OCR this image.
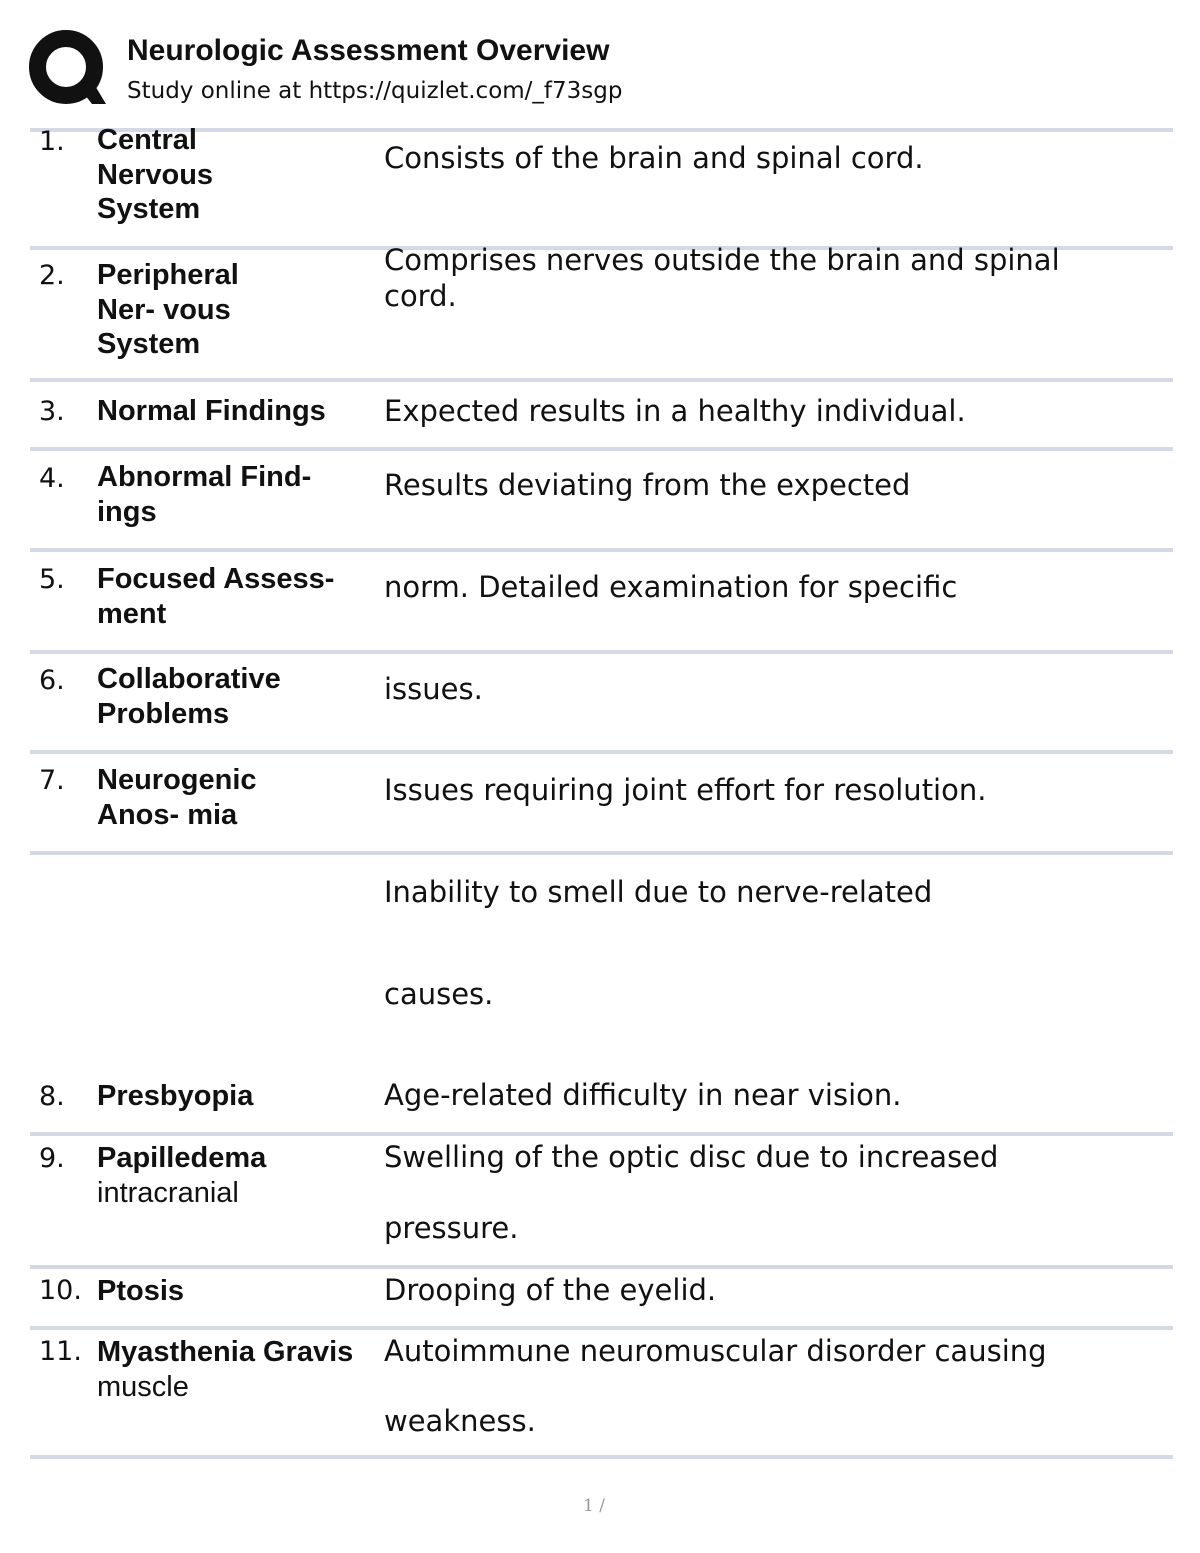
Neurologic Assessment Overview
Study online at https://quizlet.com/_f73sgp
1. Central
Nervous
System
2. Peripheral
Ner- vous
System
3. Normal Findings
4. Abnormal Find-
ings
5. Focused Assess-
ment
6. Collaborative
Problems
7. Neurogenic
Anos- mia
8. Presbyopia
9. Papilledema
intracranial
10. Ptosis
11. Myasthenia Gravis
muscle
Consists of the brain and spinal cord.
Comprises nerves outside the brain and spinal
cord.
Expected results in a healthy individual.
Results deviating from the expected
norm. Detailed examination for specific
issues.
Issues requiring joint effort for resolution.
Inability to smell due to nerve-related
causes.
Age-related difficulty in near vision.
Swelling of the optic disc due to increased
pressure.
Drooping of the eyelid.
Autoimmune neuromuscular disorder causing
weakness.
1 /
